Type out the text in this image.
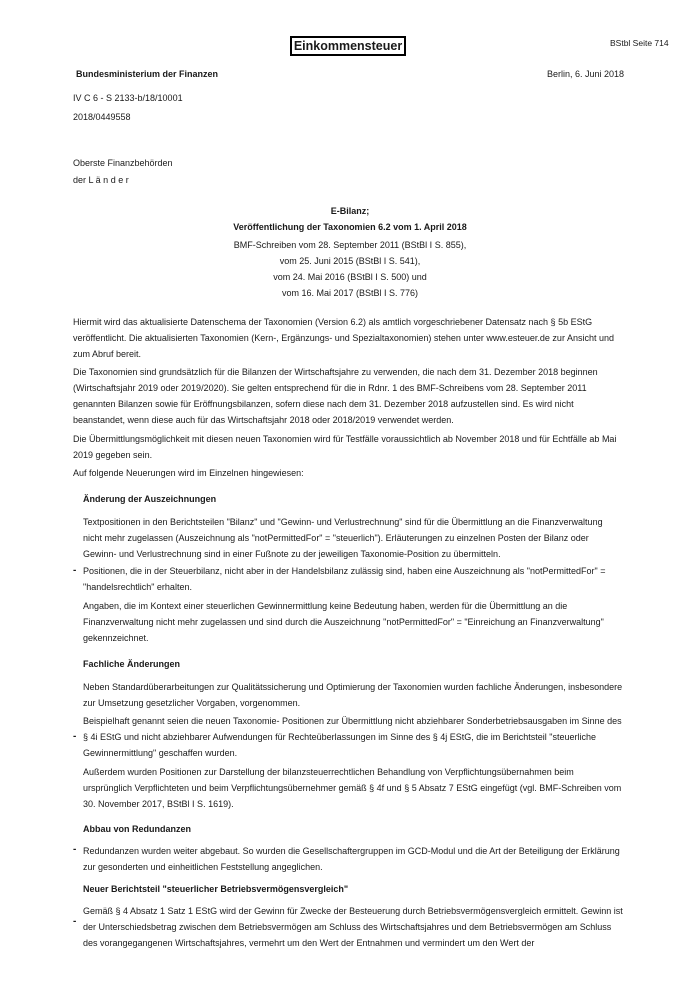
Einkommensteuer	BStbl Seite 714
Bundesministerium der Finanzen	Berlin, 6. Juni 2018
IV C 6 - S 2133-b/18/10001
2018/0449558
Oberste Finanzbehörden
der L ä n d e r
E-Bilanz;
Veröffentlichung der Taxonomien 6.2 vom 1. April 2018
BMF-Schreiben vom 28. September 2011 (BStBl I S. 855),
vom 25. Juni 2015 (BStBl I S. 541),
vom 24. Mai 2016 (BStBl I S. 500) und
vom 16. Mai 2017 (BStBl I S. 776)
Hiermit wird das aktualisierte Datenschema der Taxonomien (Version 6.2) als amtlich vorgeschriebener Datensatz nach § 5b EStG veröffentlicht. Die aktualisierten Taxonomien (Kern-, Ergänzungs- und Spezialtaxonomien) stehen unter www.esteuer.de zur Ansicht und zum Abruf bereit.
Die Taxonomien sind grundsätzlich für die Bilanzen der Wirtschaftsjahre zu verwenden, die nach dem 31. Dezember 2018 beginnen (Wirtschaftsjahr 2019 oder 2019/2020). Sie gelten entsprechend für die in Rdnr. 1 des BMF-Schreibens vom 28. September 2011 genannten Bilanzen sowie für Eröffnungsbilanzen, sofern diese nach dem 31. Dezember 2018 aufzustellen sind. Es wird nicht beanstandet, wenn diese auch für das Wirtschaftsjahr 2018 oder 2018/2019 verwendet werden.
Die Übermittlungsmöglichkeit mit diesen neuen Taxonomien wird für Testfälle voraussichtlich ab November 2018 und für Echtfälle ab Mai 2019 gegeben sein.
Auf folgende Neuerungen wird im Einzelnen hingewiesen:
Änderung der Auszeichnungen
Textpositionen in den Berichtsteilen "Bilanz" und "Gewinn- und Verlustrechnung" sind für die Übermittlung an die Finanzverwaltung nicht mehr zugelassen (Auszeichnung als "notPermittedFor" = "steuerlich"). Erläuterungen zu einzelnen Posten der Bilanz oder Gewinn- und Verlustrechnung sind in einer Fußnote zu der jeweiligen Taxonomie-Position zu übermitteln.
- Positionen, die in der Steuerbilanz, nicht aber in der Handelsbilanz zulässig sind, haben eine Auszeichnung als "notPermittedFor" = "handelsrechtlich" erhalten.
Angaben, die im Kontext einer steuerlichen Gewinnermittlung keine Bedeutung haben, werden für die Übermittlung an die Finanzverwaltung nicht mehr zugelassen und sind durch die Auszeichnung "notPermittedFor" = "Einreichung an Finanzverwaltung" gekennzeichnet.
Fachliche Änderungen
Neben Standardüberarbeitungen zur Qualitätssicherung und Optimierung der Taxonomien wurden fachliche Änderungen, insbesondere zur Umsetzung gesetzlicher Vorgaben, vorgenommen.
-
Beispielhaft genannt seien die neuen Taxonomie- Positionen zur Übermittlung nicht abziehbarer Sonderbetriebsausgaben im Sinne des § 4i EStG und nicht abziehbarer Aufwendungen für Rechteüberlassungen im Sinne des § 4j EStG, die im Berichtsteil "steuerliche Gewinnermittlung" geschaffen wurden.
Außerdem wurden Positionen zur Darstellung der bilanzsteuerrechtlichen Behandlung von Verpflichtungsübernahmen beim ursprünglich Verpflichteten und beim Verpflichtungsübernehmer gemäß § 4f und § 5 Absatz 7 EStG eingefügt (vgl. BMF-Schreiben vom 30. November 2017, BStBl I S. 1619).
Abbau von Redundanzen
- Redundanzen wurden weiter abgebaut. So wurden die Gesellschaftergruppen im GCD-Modul und die Art der Beteiligung der Erklärung zur gesonderten und einheitlichen Feststellung angeglichen.
Neuer Berichtsteil "steuerlicher Betriebsvermögensvergleich"
-
Gemäß § 4 Absatz 1 Satz 1 EStG wird der Gewinn für Zwecke der Besteuerung durch Betriebsvermögensvergleich ermittelt. Gewinn ist der Unterschiedsbetrag zwischen dem Betriebsvermögen am Schluss des Wirtschaftsjahres und dem Betriebsvermögen am Schluss des vorangegangenen Wirtschaftsjahres, vermehrt um den Wert der Entnahmen und vermindert um den Wert der
